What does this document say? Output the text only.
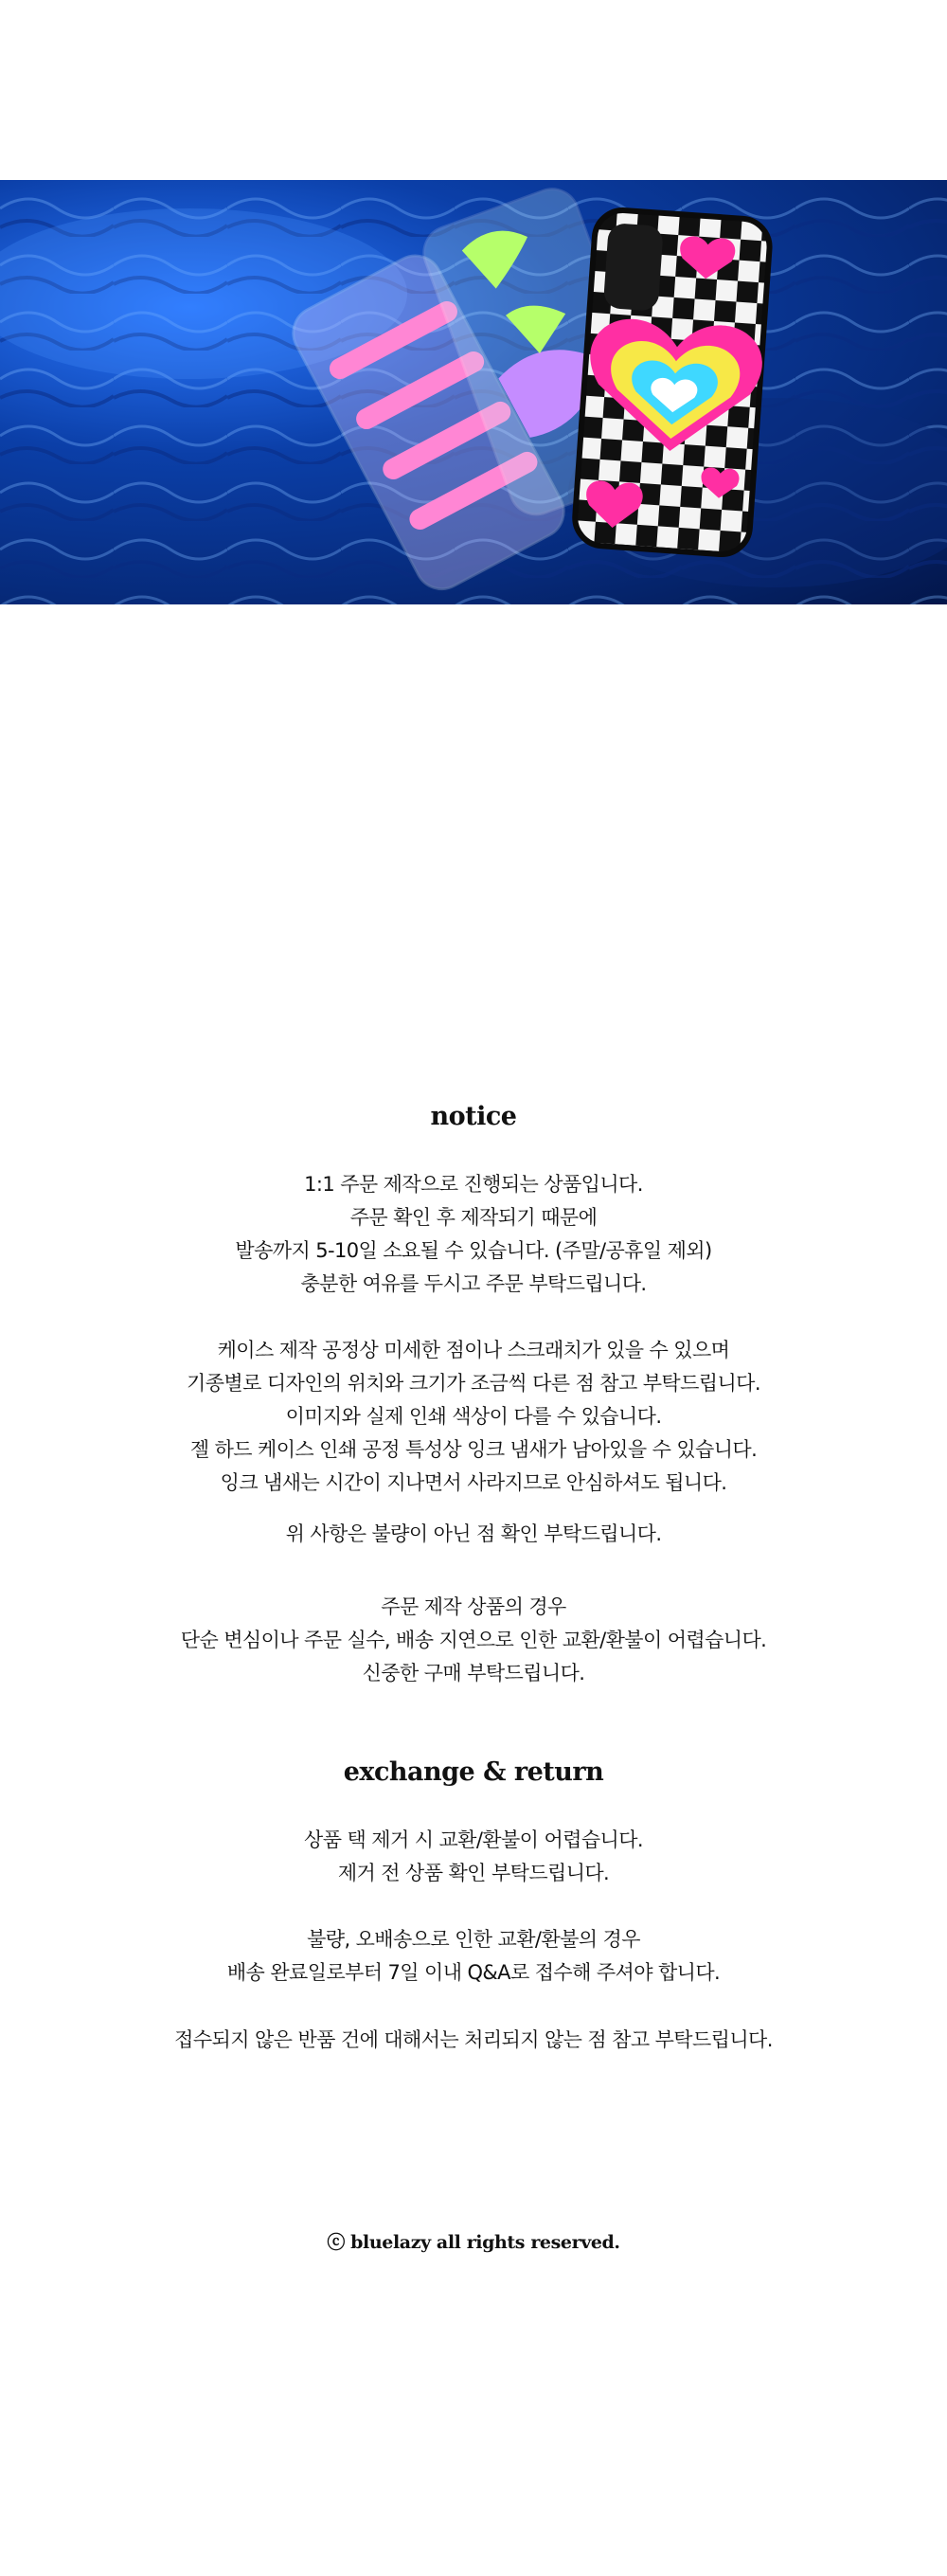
notice

1:1 주문 제작으로 진행되는 상품입니다.

주문 확인 후 제작되기 때문에

발송까지 5-10일 소요될 수 있습니다. (주말/공휴일 제외)

충분한 여유를 두시고 주문 부탁드립니다.

케이스 제작 공정상 미세한 점이나 스크래치가 있을 수 있으며

기종별로 디자인의 위치와 크기가 조금씩 다른 점 참고 부탁드립니다.

이미지와 실제 인쇄 색상이 다를 수 있습니다.

젤 하드 케이스 인쇄 공정 특성상 잉크 냄새가 남아있을 수 있습니다.

잉크 냄새는 시간이 지나면서 사라지므로 안심하셔도 됩니다.

위 사항은 불량이 아닌 점 확인 부탁드립니다.

주문 제작 상품의 경우

단순 변심이나 주문 실수, 배송 지연으로 인한 교환/환불이 어렵습니다.

신중한 구매 부탁드립니다.

exchange & return

상품 택 제거 시 교환/환불이 어렵습니다.

제거 전 상품 확인 부탁드립니다.

불량, 오배송으로 인한 교환/환불의 경우

배송 완료일로부터 7일 이내 Q&A로 접수해 주셔야 합니다.

접수되지 않은 반품 건에 대해서는 처리되지 않는 점 참고 부탁드립니다.

ⓒ bluelazy all rights reserved.
